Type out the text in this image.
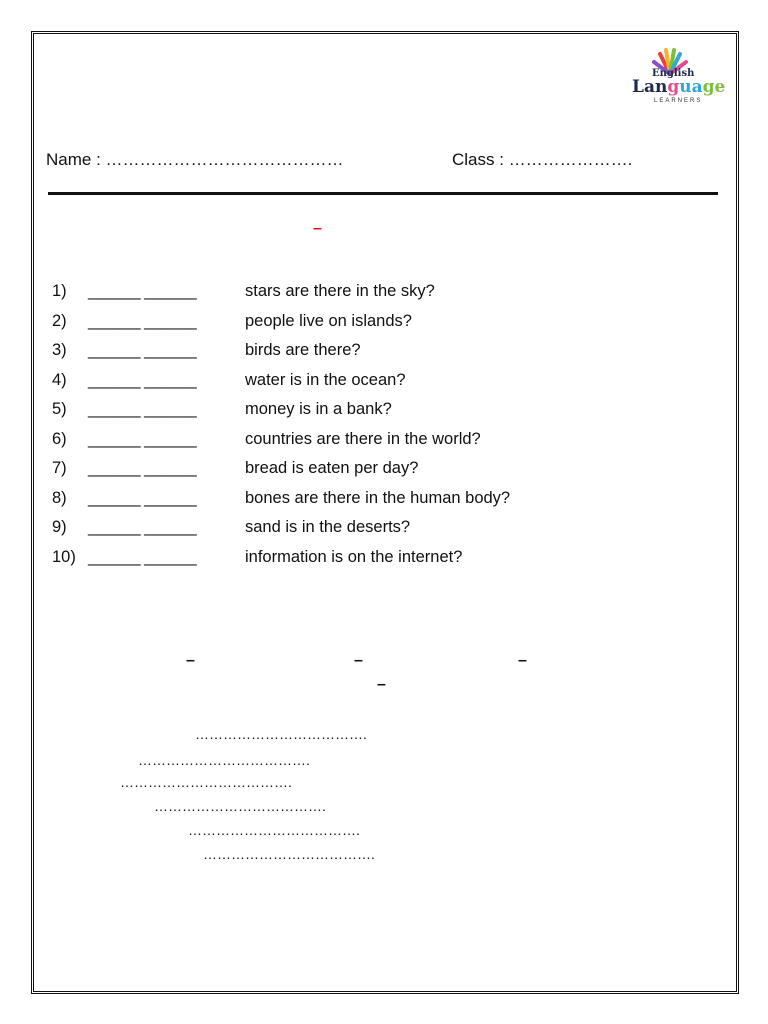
English
Language
LEARNERS
Name : ……………………………………	Class : ………………….
–
1) ______ ______	stars are there in the sky?
2) ______ ______	people live on islands?
3) ______ ______	birds are there?
4) ______ ______	water is in the ocean?
5) ______ ______	money is in a bank?
6) ______ ______	countries are there in the world?
7) ______ ______	bread is eaten per day?
8) ______ ______	bones are there in the human body?
9) ______ ______	sand is in the deserts?
10) ______ ______	information is on the internet?
–	–	–
–
……………………………….
……………………………….
……………………………….
……………………………….
……………………………….
……………………………….
